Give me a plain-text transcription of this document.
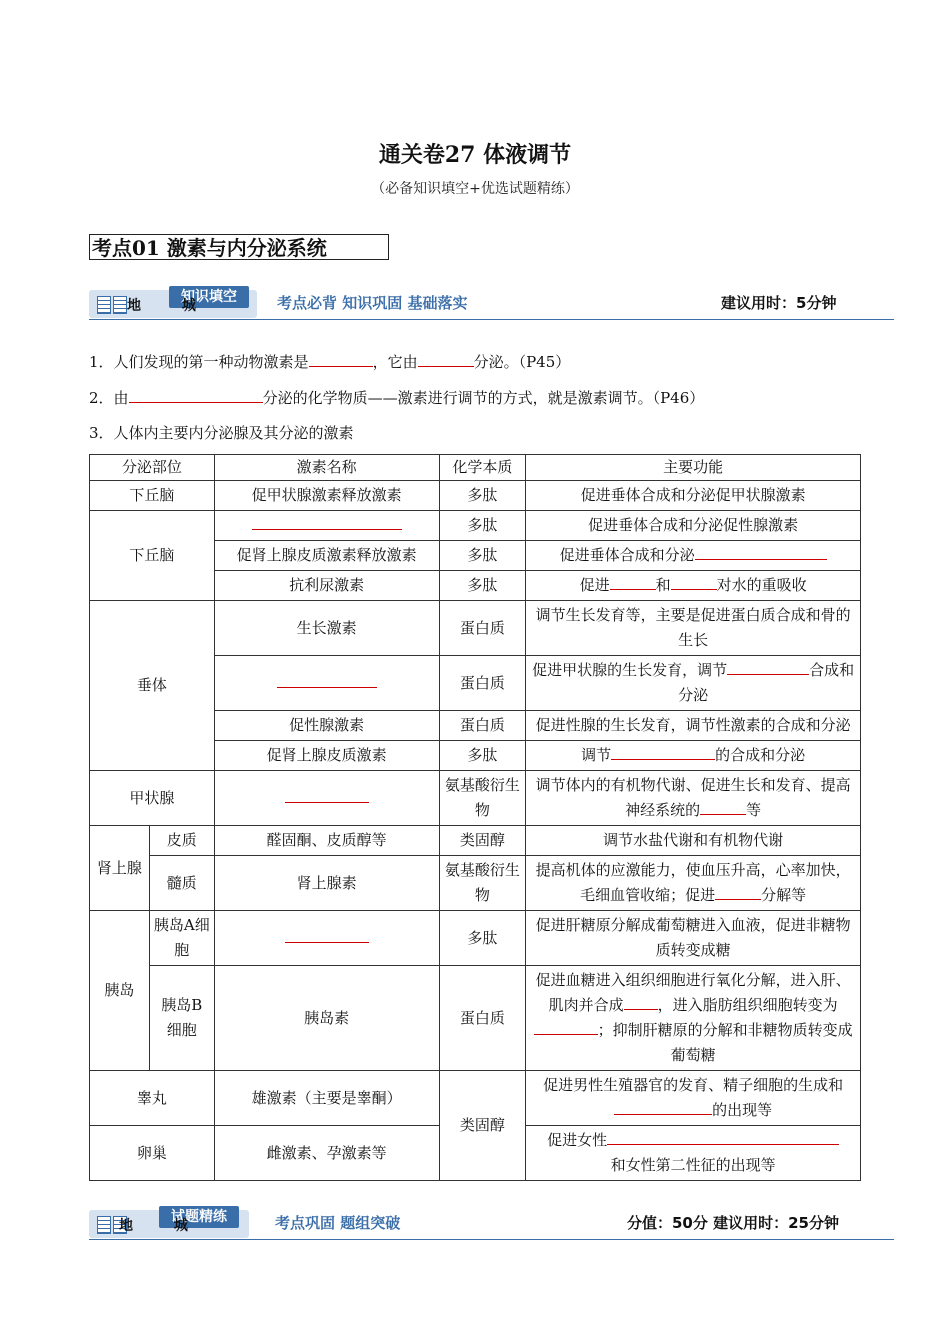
通关卷27 体液调节
（必备知识填空+优选试题精练）
考点01 激素与内分泌系统
知识填空
地 城	考点必背 知识巩固 基础落实	建议用时：5分钟
1．人们发现的第一种动物激素是	，它由	分泌。（P45）
2．由	分泌的化学物质——激素进行调节的方式，就是激素调节。（P46）
3．人体内主要内分泌腺及其分泌的激素
分泌部位		激素名称	化学本质	主要功能
下丘脑		促甲状腺激素释放激素	多肽	促进垂体合成和分泌促甲状腺激素
下丘脑			多肽	促进垂体合成和分泌促性腺激素
		促肾上腺皮质激素释放激素	多肽	促进垂体合成和分泌
		抗利尿激素	多肽	促进 和 对水的重吸收
垂体		生长激素	蛋白质	调节生长发育等，主要是促进蛋白质合成和骨的生长
			蛋白质	促进甲状腺的生长发育，调节 合成和分泌
		促性腺激素	蛋白质	促进性腺的生长发育，调节性激素的合成和分泌
		促肾上腺皮质激素	多肽	调节 的合成和分泌
甲状腺			氨基酸衍生物	调节体内的有机物代谢、促进生长和发育、提高神经系统的 等
肾上腺	皮质	醛固酮、皮质醇等	类固醇	调节水盐代谢和有机物代谢
	髓质	肾上腺素	氨基酸衍生物	提高机体的应激能力，使血压升高，心率加快，毛细血管收缩；促进 分解等
胰岛	胰岛A细胞		多肽	促进肝糖原分解成葡萄糖进入血液，促进非糖物质转变成糖
	胰岛B细胞	胰岛素	蛋白质	促进血糖进入组织细胞进行氧化分解，进入肝、肌肉并合成 ，进入脂肪组织细胞转变为；抑制肝糖原的分解和非糖物质转变成葡萄糖
睾丸		雄激素（主要是睾酮）	类固醇	促进男性生殖器官的发育、精子细胞的生成和的出现等
卵巢		雌激素、孕激素等		促进女性
和女性第二性征的出现等
试题精练
地 城	考点巩固 题组突破	分值：50分 建议用时：25分钟
